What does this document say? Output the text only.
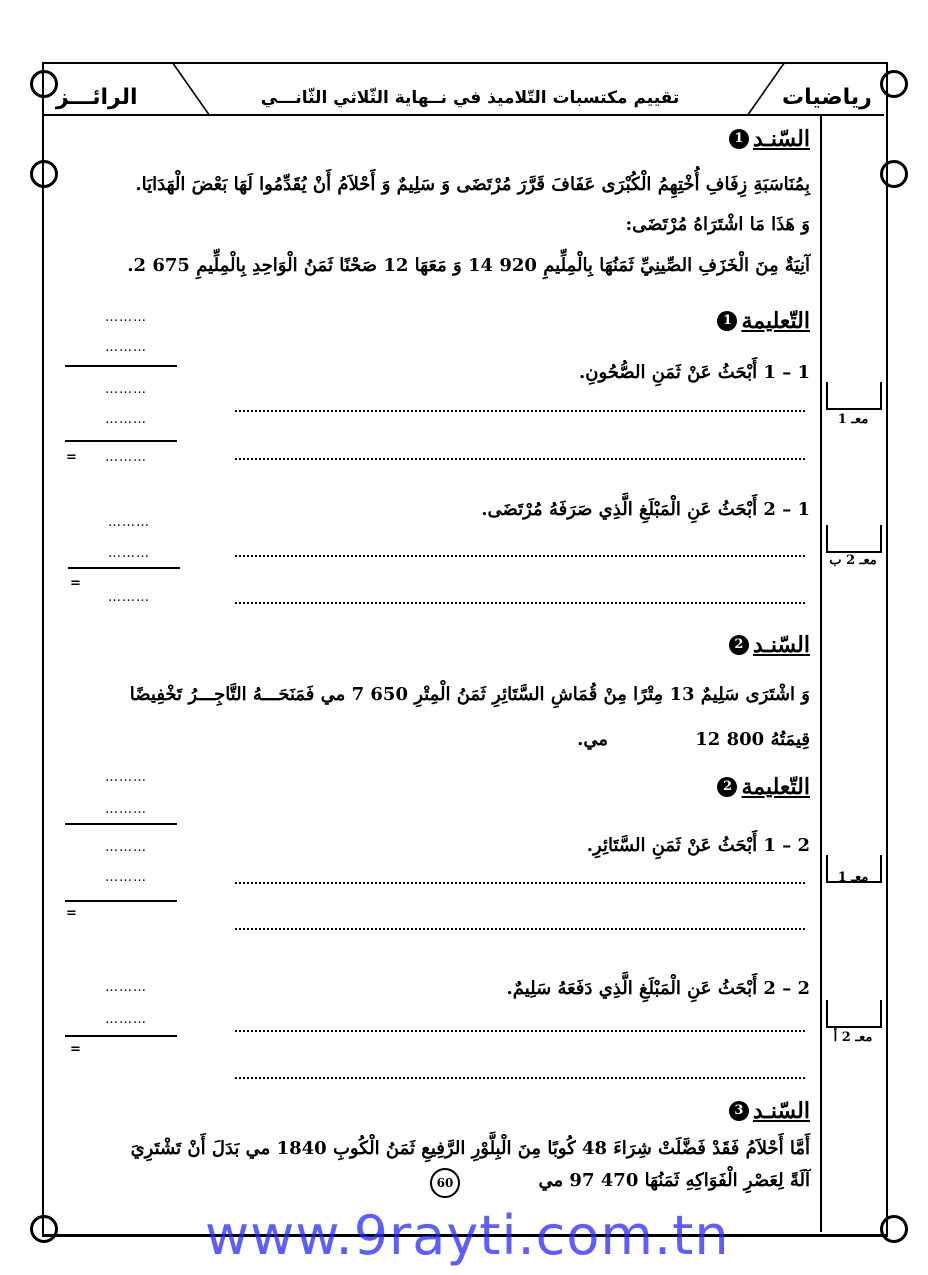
الرائـــز	تقييم مكتسبات التّلاميذ في نــهاية الثّلاثي الثّانـــي	رياضيات
السّنـد
1
بِمُنَاسَبَةِ زِفَافِ أُخْتِهِمُ الْكُبْرَى عَفَافَ قَرَّرَ مُرْتَضَى وَ سَلِيمٌ وَ أَحْلاَمُ أَنْ يُقَدِّمُوا لَهَا بَعْضَ الْهَدَايَا.
وَ هَذَا مَا اشْتَرَاهُ مُرْتَضَى:
آنِيَةٌ مِنَ الْخَزَفِ الصِّينِيِّ ثَمَنُهَا بِالْمِلِّيمِ 920 14 وَ مَعَهَا 12 صَحْنًا ثَمَنُ الْوَاحِدِ بِالْمِلِّيمِ 675 2.
التّعليمة
1
1 – 1 أَبْحَثُ عَنْ ثَمَنِ الصُّحُونِ.
معـ 1
………
………
………
………
= ………
1 – 2 أَبْحَثُ عَنِ الْمَبْلَغِ الَّذِي صَرَفَهُ مُرْتَضَى.
معـ 2 ب
………
………
=
………
السّنـد
2
وَ اشْتَرَى سَلِيمٌ 13 مِتْرًا مِنْ قُمَاشِ السَّتَائِرِ ثَمَنُ الْمِتْرِ 650 7 مي فَمَنَحَـــهُ التَّاجِـــرُ تَخْفِيضًا
قِيمَتُهُ 800 12
مي.
التّعليمة
2
2 – 1 أَبْحَثُ عَنْ ثَمَنِ السَّتَائِرِ.
معـ 1
………
………
………
………
=
2 – 2 أَبْحَثُ عَنِ الْمَبْلَغِ الَّذِي دَفَعَهُ سَلِيمٌ.
معـ 2 أ
………
………
=
السّنـد
3
أَمَّا أَحْلاَمُ فَقَدْ فَضَّلَتْ شِرَاءَ 48 كُوبًا مِنَ الْبِلَّوْرِ الرَّفِيعِ ثَمَنُ الْكُوبِ 1840 مي بَدَلَ أَنْ تَشْتَرِيَ
آلَةً لِعَصْرِ الْفَوَاكِهِ ثَمَنُهَا 470 97 مي
60
www.9rayti.com.tn
